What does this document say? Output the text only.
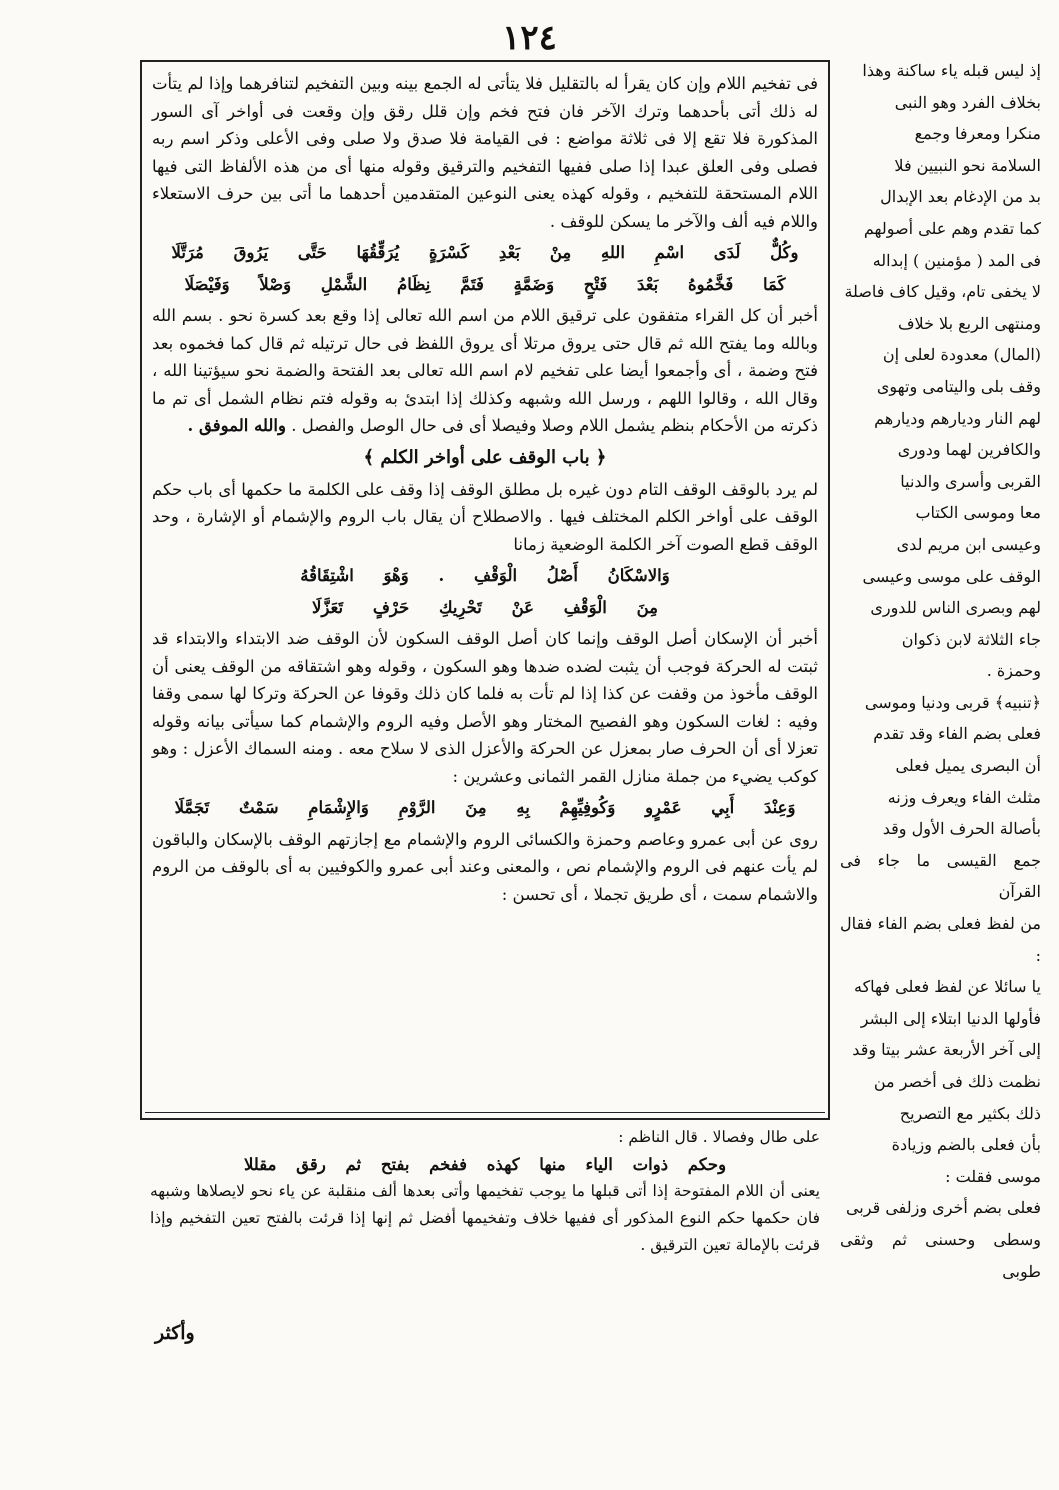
١٢٤

فى تفخيم اللام وإن كان يقرأ له بالتقليل فلا يتأتى له الجمع بينه وبين التفخيم لتنافرهما وإذا لم يتأت له ذلك أتى بأحدهما وترك الآخر فان فتح فخم وإن قلل رقق وإن وقعت فى أواخر آى السور المذكورة فلا تقع إلا فى ثلاثة مواضع : فى القيامة فلا صدق ولا صلى وفى الأعلى وذكر اسم ربه فصلى وفى العلق عبدا إذا صلى ففيها التفخيم والترقيق وقوله منها أى من هذه الألفاظ التى فيها اللام المستحقة للتفخيم ، وقوله كهذه يعنى النوعين المتقدمين أحدهما ما أتى بين حرف الاستعلاء واللام فيه ألف والآخر ما يسكن للوقف .

وكُلٌّ لَدَى اسْمِ اللهِ مِنْ بَعْدِ كَسْرَةٍ يُرَقِّقُهَا حَتَّى يَرُوقَ مُرَتَّلَا

كَمَا فَخَّمُوهُ بَعْدَ فَتْحٍ وَضَمَّةٍ فَتَمَّ نِظَامُ الشَّمْلِ وَصْلاً وَفَيْصَلَا

أخبر أن كل القراء متفقون على ترقيق اللام من اسم الله تعالى إذا وقع بعد كسرة نحو . بسم الله وبالله وما يفتح الله ثم قال حتى يروق مرتلا أى يروق اللفظ فى حال ترتيله ثم قال كما فخموه بعد فتح وضمة ، أى وأجمعوا أيضا على تفخيم لام اسم الله تعالى بعد الفتحة والضمة نحو سيؤتينا الله ، وقال الله ، وقالوا اللهم ، ورسل الله وشبهه وكذلك إذا ابتدئ به وقوله فتم نظام الشمل أى تم ما ذكرته من الأحكام بنظم يشمل اللام وصلا وفيصلا أى فى حال الوصل والفصل . والله الموفق .

﴿ باب الوقف على أواخر الكلم ﴾

لم يرد بالوقف الوقف التام دون غيره بل مطلق الوقف إذا وقف على الكلمة ما حكمها أى باب حكم الوقف على أواخر الكلم المختلف فيها . والاصطلاح أن يقال باب الروم والإشمام أو الإشارة ، وحد الوقف قطع الصوت آخر الكلمة الوضعية زمانا

وَالاسْكَانُ أَصْلُ الْوَقْفِ . وَهْوَ اشْتِقَاقُهُ

مِنَ الْوَقْفِ عَنْ تَحْرِيكِ حَرْفٍ تَعَزَّلَا

أخبر أن الإسكان أصل الوقف وإنما كان أصل الوقف السكون لأن الوقف ضد الابتداء والابتداء قد ثبتت له الحركة فوجب أن يثبت لضده ضدها وهو السكون ، وقوله وهو اشتقاقه من الوقف يعنى أن الوقف مأخوذ من وقفت عن كذا إذا لم تأت به فلما كان ذلك وقوفا عن الحركة وتركا لها سمى وقفا وفيه : لغات السكون وهو الفصيح المختار وهو الأصل وفيه الروم والإشمام كما سيأتى بيانه وقوله تعزلا أى أن الحرف صار بمعزل عن الحركة والأعزل الذى لا سلاح معه . ومنه السماك الأعزل : وهو كوكب يضيء من جملة منازل القمر الثمانى وعشرين :

وَعِنْدَ أَبِي عَمْرٍو وَكُوفِيِّهِمْ بِهِ مِنَ الرَّوْمِ وَالإِشْمَامِ سَمْتٌ تَجَمَّلَا

روى عن أبى عمرو وعاصم وحمزة والكسائى الروم والإشمام مع إجازتهم الوقف بالإسكان والباقون لم يأت عنهم فى الروم والإشمام نص ، والمعنى وعند أبى عمرو والكوفيين به أى بالوقف من الروم والاشمام سمت ، أى طريق تجملا ، أى تحسن :

على طال وفصالا . قال الناظم :

وحكم ذوات الياء منها كهذه ففخم بفتح ثم رقق مقللا

يعنى أن اللام المفتوحة إذا أتى قبلها ما يوجب تفخيمها وأتى بعدها ألف منقلبة عن ياء نحو لايصلاها وشبهه فان حكمها حكم النوع المذكور أى ففيها خلاف وتفخيمها أفضل ثم إنها إذا قرئت بالفتح تعين التفخيم وإذا قرئت بالإمالة تعين الترقيق .

إذ ليس قبله ياء ساكنة وهذا

بخلاف الفرد وهو النبى

منكرا ومعرفا وجمع

السلامة نحو النبيين فلا

بد من الإدغام بعد الإبدال

كما تقدم وهم على أصولهم

فى المد ( مؤمنين ) إبداله

لا يخفى تام، وقيل كاف فاصلة

ومنتهى الربع بلا خلاف

(المال) معدودة لعلى إن

وقف بلى واليتامى وتهوى

لهم النار وديارهم وديارهم

والكافرين لهما ودورى

القربى وأسرى والدنيا

معا وموسى الكتاب

وعيسى ابن مريم لدى

الوقف على موسى وعيسى

لهم وبصرى الناس للدورى

جاء الثلاثة لابن ذكوان

وحمزة .

﴿تنبيه﴾ قربى ودنيا وموسى

فعلى بضم الفاء وقد تقدم

أن البصرى يميل فعلى

مثلث الفاء ويعرف وزنه

بأصالة الحرف الأول وقد

جمع القيسى ما جاء فى القرآن

من لفظ فعلى بضم الفاء فقال :

يا سائلا عن لفظ فعلى فهاكه

فأولها الدنيا ابتلاء إلى البشر

إلى آخر الأربعة عشر بيتا وقد

نظمت ذلك فى أخصر من

ذلك بكثير مع التصريح

بأن فعلى بالضم وزيادة

موسى فقلت :

فعلى بضم أخرى وزلفى قربى

وسطى وحسنى ثم وثقى طوبى

وأكثر
